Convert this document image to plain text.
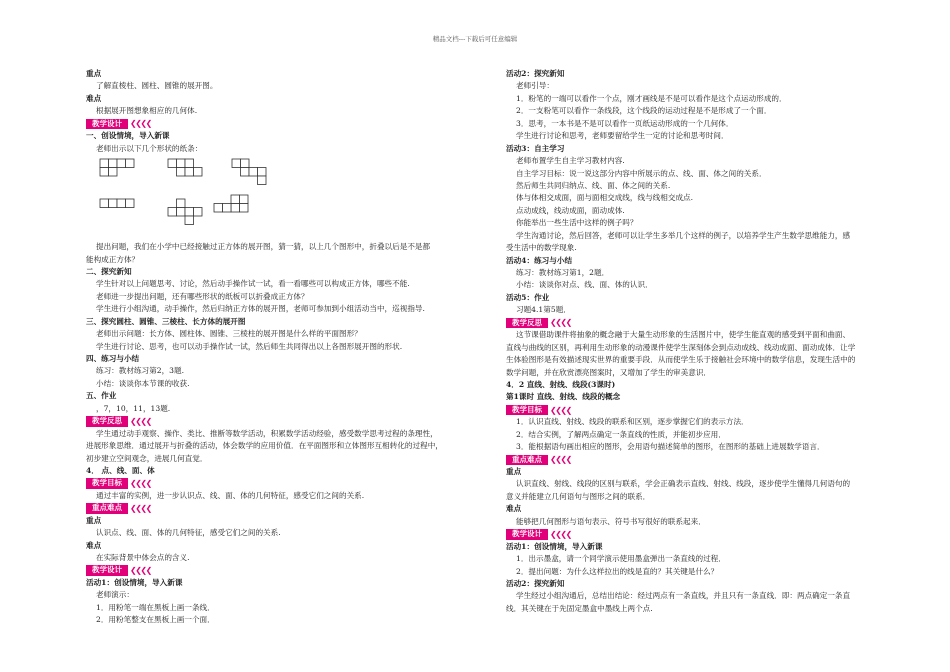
精品文档---下载后可任意编辑
重点
了解直棱柱、圆柱、圆锥的展开图。
难点
根据展开图想象相应的几何体.
教学设计	❮❮❮❮
一、创设情境，导入新课
老师出示以下几个形状的纸条：
提出问题，我们在小学中已经接触过正方体的展开图，猜一猜，以上几个图形中，折叠以后是不是都
能构成正方体？
二、探究新知
学生针对以上问题思考、讨论，然后动手操作试一试，看一看哪些可以构成正方体，哪些不能.
老师进一步提出问题，还有哪些形状的纸板可以折叠成正方体？
学生进行小组沟通，动手操作，然后归纳正方体的展开图，老师可参加到小组活动当中，巡视指导.
三、探究圆柱、圆锥、三棱柱、长方体的展开图
老师出示问题：长方体、圆柱体、圆锥、三棱柱的展开图是什么样的平面图形？
学生进行讨论、思考，也可以动手操作试一试，然后师生共同得出以上各图形展开图的形状.
四、练习与小结
练习：教材练习第2，3题.
小结：谈谈你本节课的收获.
五、作业
，7，10，11，13题.
教学反思	❮❮❮❮
学生通过动手观察、操作、类比、推断等数学活动，积累数学活动经验，感受数学思考过程的条理性，
进展形象思维．通过展开与折叠的活动，体会数学的应用价值．在平面图形和立体图形互相转化的过程中，
初步建立空间观念，进展几何直觉．
4． 点、线、面、体
教学目标	❮❮❮❮
通过丰富的实例，进一步认识点、线、面、体的几何特征，感受它们之间的关系.
重点难点	❮❮❮❮
重点
认识点、线、面、体的几何特征，感受它们之间的关系.
难点
在实际背景中体会点的含义.
教学设计	❮❮❮❮
活动1：创设情境，导入新课
老师演示：
1．用粉笔一端在黑板上画一条线．
2．用粉笔整支在黑板上画一个面．
活动2：探究新知
老师引导：
1．粉笔的一端可以看作一个点，刚才画线是不是可以看作是这个点运动形成的．
2．一支粉笔可以看作一条线段，这个线段的运动过程是不是形成了一个面．
3．思考，一本书是不是可以看作一页纸运动形成的一个几何体．
学生进行讨论和思考，老师要留给学生一定的讨论和思考时间．
活动3：自主学习
老师布置学生自主学习教材内容.
自主学习目标：说一说这部分内容中所展示的点、线、面、体之间的关系．
然后师生共同归纳点、线、面、体之间的关系.
体与体相交成面，面与面相交成线，线与线相交成点.
点动成线，线动成面，面动成体.
你能举出一些生活中这样的例子吗？
学生沟通讨论，然后回答，老师可以让学生多举几个这样的例子，以培养学生产生数学思维能力，感
受生活中的数学现象.
活动4：练习与小结
练习：教材练习第1，2题．
小结：谈谈你对点、线、面、体的认识．
活动5：作业
习题4.1第5题．
教学反思	❮❮❮❮
这节课借助课件将抽象的概念融于大量生动形象的生活图片中，使学生能直观的感受到平面和曲面、
直线与曲线的区别，再利用生动形象的动漫课件使学生深刻体会到点动成线、线动成面、面动成体．让学
生体验图形是有效描述现实世界的重要手段．从而使学生乐于接触社会环境中的数学信息，发现生活中的
数学问题，并在欣赏漂亮图案时，又增加了学生的审美意识．
4．2 直线、射线、线段(3课时)
第1课时 直线、射线、线段的概念
教学目标	❮❮❮❮
1．认识直线、射线、线段的联系和区别，逐步掌握它们的表示方法．
2．结合实例，了解两点确定一条直线的性质，并能初步应用．
3．能根据语句画出相应的图形，会用语句描述简单的图形，在图形的基础上进展数学语言．
重点难点	❮❮❮❮
重点
认识直线、射线、线段的区别与联系，学会正确表示直线、射线、线段，逐步使学生懂得几何语句的
意义并能建立几何语句与图形之间的联系．
难点
能够把几何图形与语句表示、符号书写很好的联系起来．
教学设计	❮❮❮❮
活动1：创设情境，导入新课
1．出示墨盒，请一个同学演示使用墨盒弹出一条直线的过程．
2．提出问题：为什么这样拉出的线是直的？其关键是什么？
活动2：探究新知
学生经过小组沟通后，总结出结论：经过两点有一条直线，并且只有一条直线．即：两点确定一条直
线．其关键在于先固定墨盒中墨线上两个点.
